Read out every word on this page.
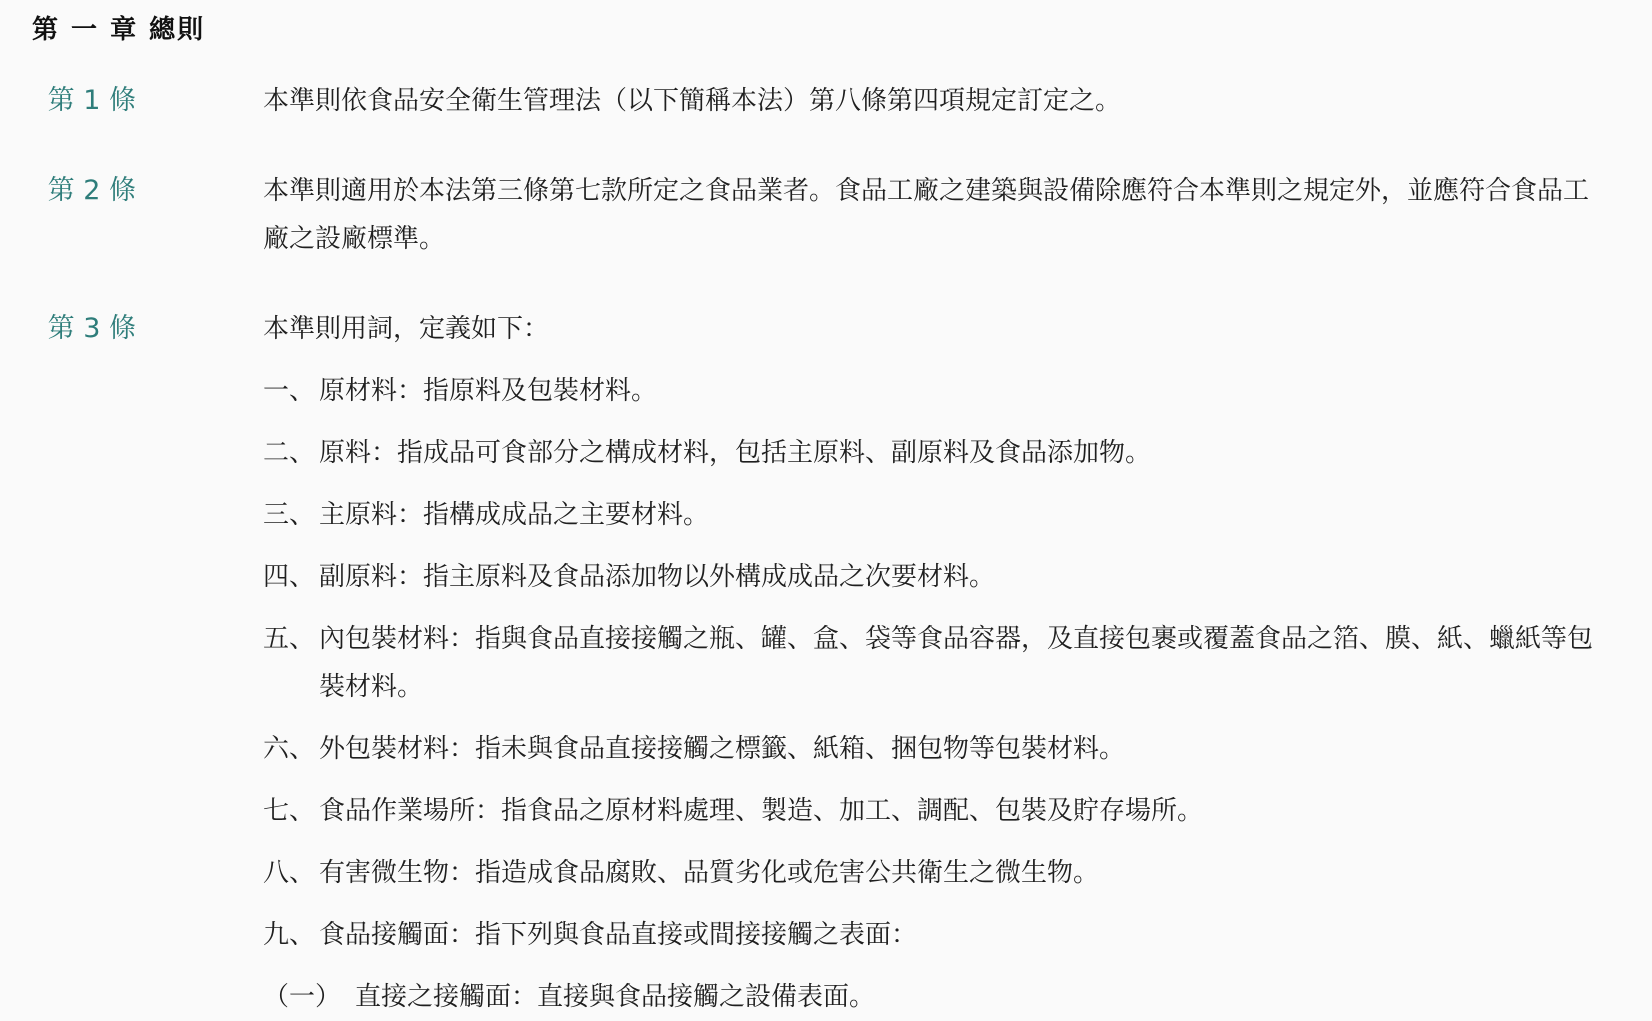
第 一 章 總則
第 1 條	本準則依食品安全衛生管理法（以下簡稱本法）第八條第四項規定訂定之。

第 2 條	本準則適用於本法第三條第七款所定之食品業者。食品工廠之建築與設備除應符合本準則之規定外，並應符合食品工廠之設廠標準。

第 3 條	本準則用詞，定義如下：
一、 原材料：指原料及包裝材料。
二、 原料：指成品可食部分之構成材料，包括主原料、副原料及食品添加物。
三、 主原料：指構成成品之主要材料。
四、 副原料：指主原料及食品添加物以外構成成品之次要材料。
五、 內包裝材料：指與食品直接接觸之瓶、罐、盒、袋等食品容器，及直接包裹或覆蓋食品之箔、膜、紙、蠟紙等包裝材料。
六、 外包裝材料：指未與食品直接接觸之標籤、紙箱、捆包物等包裝材料。
七、 食品作業場所：指食品之原材料處理、製造、加工、調配、包裝及貯存場所。
八、 有害微生物：指造成食品腐敗、品質劣化或危害公共衛生之微生物。
九、 食品接觸面：指下列與食品直接或間接接觸之表面：
（一） 直接之接觸面：直接與食品接觸之設備表面。
